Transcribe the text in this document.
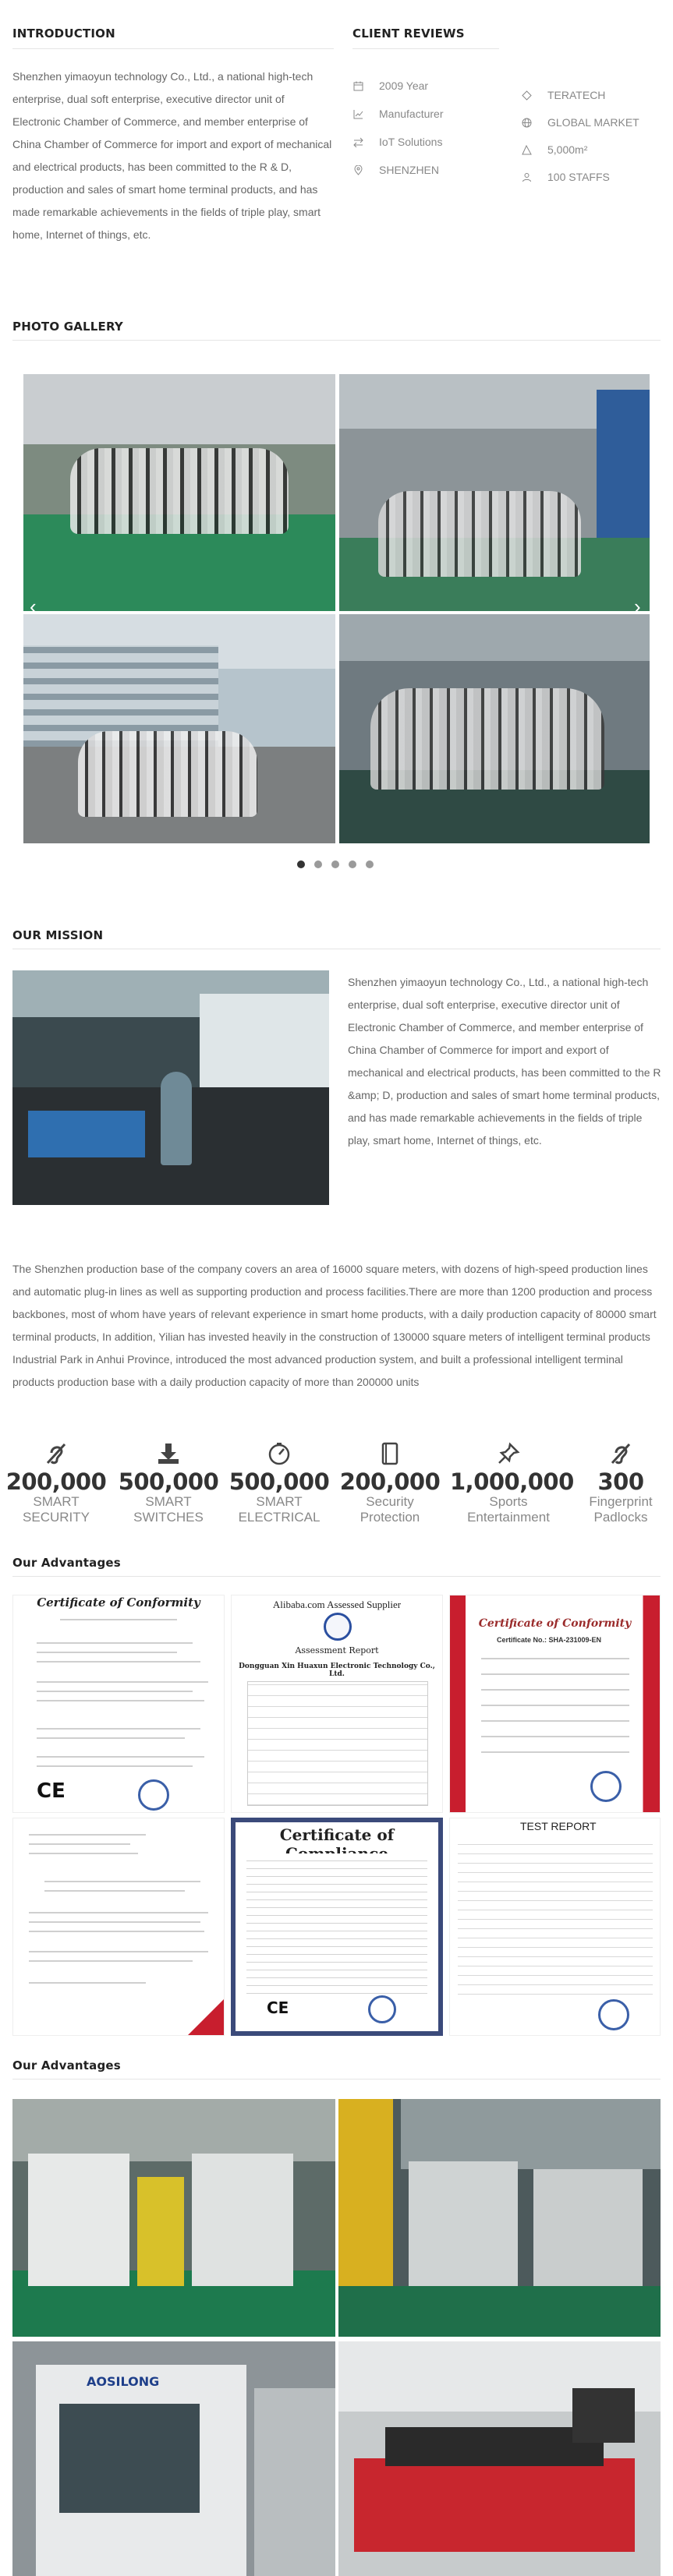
INTRODUCTION
Shenzhen yimaoyun technology Co., Ltd., a national high-tech enterprise, dual soft enterprise, executive director unit of Electronic Chamber of Commerce, and member enterprise of China Chamber of Commerce for import and export of mechanical and electrical products, has been committed to the R & D, production and sales of smart home terminal products, and has made remarkable achievements in the fields of triple play, smart home, Internet of things, etc.
CLIENT REVIEWS
2009 Year
Manufacturer
IoT Solutions
SHENZHEN
TERATECH
GLOBAL MARKET
5,000m²
100 STAFFS
PHOTO GALLERY
‹	›
OUR MISSION
Shenzhen yimaoyun technology Co., Ltd., a national high-tech enterprise, dual soft enterprise, executive director unit of Electronic Chamber of Commerce, and member enterprise of China Chamber of Commerce for import and export of mechanical and electrical products, has been committed to the R &amp; D, production and sales of smart home terminal products, and has made remarkable achievements in the fields of triple play, smart home, Internet of things, etc.
The Shenzhen production base of the company covers an area of 16000 square meters, with dozens of high-speed production lines and automatic plug-in lines as well as supporting production and process facilities.There are more than 1200 production and process backbones, most of whom have years of relevant experience in smart home products, with a daily production capacity of 80000 smart terminal products, In addition, Yilian has invested heavily in the construction of 130000 square meters of intelligent terminal products Industrial Park in Anhui Province, introduced the most advanced production system, and built a professional intelligent terminal products production base with a daily production capacity of more than 200000 units
200,000
SMART
SECURITY
500,000
SMART
SWITCHES
500,000
SMART
ELECTRICAL
200,000
Security
Protection
1,000,000
Sports
Entertainment
300
Fingerprint
Padlocks
Our Advantages
Certificate of Conformity
CE
Alibaba.com Assessed Supplier
Assessment Report
Dongguan Xin Huaxun Electronic Technology Co., Ltd.
Certificate of Conformity
Certificate No.: SHA-231009-EN
Certificate of
CE
TEST REPORT
Our Advantages
AOSILONG
